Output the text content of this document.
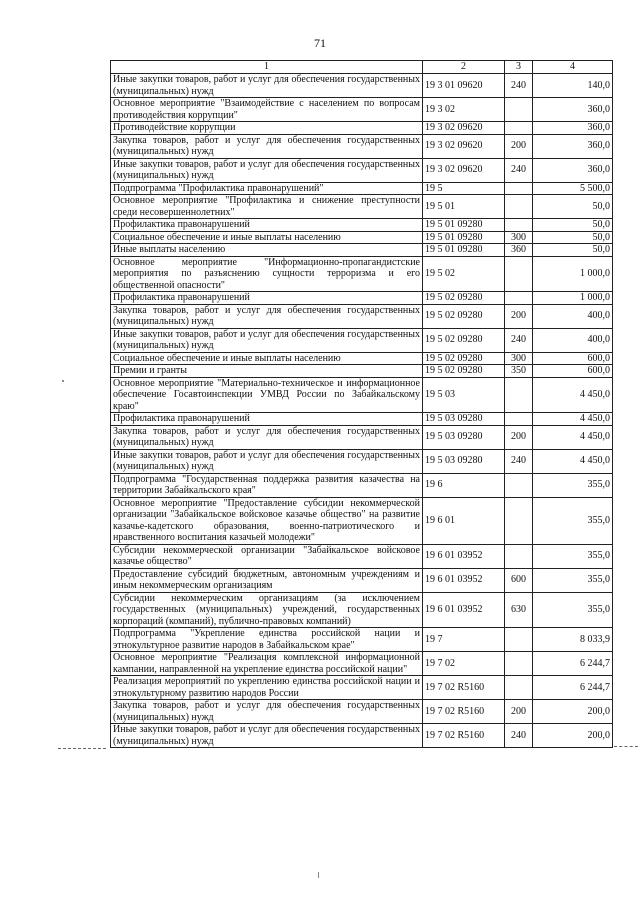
71
1	2	3	4
Иные закупки товаров, работ и услуг для обеспечения государственных (муниципальных) нужд	19 3 01 09620	240	140,0
Основное мероприятие "Взаимодействие с населением по вопросам противодействия коррупции"	19 3 02		360,0
Противодействие коррупции	19 3 02 09620		360,0
Закупка товаров, работ и услуг для обеспечения государственных (муниципальных) нужд	19 3 02 09620	200	360,0
Иные закупки товаров, работ и услуг для обеспечения государственных (муниципальных) нужд	19 3 02 09620	240	360,0
Подпрограмма "Профилактика правонарушений"	19 5		5 500,0
Основное мероприятие "Профилактика и снижение преступности среди несовершеннолетних"	19 5 01		50,0
Профилактика правонарушений	19 5 01 09280		50,0
Социальное обеспечение и иные выплаты населению	19 5 01 09280	300	50,0
Иные выплаты населению	19 5 01 09280	360	50,0
Основное мероприятие "Информационно-пропагандистские мероприятия по разъяснению сущности терроризма и его общественной опасности"	19 5 02		1 000,0
Профилактика правонарушений	19 5 02 09280		1 000,0
Закупка товаров, работ и услуг для обеспечения государственных (муниципальных) нужд	19 5 02 09280	200	400,0
Иные закупки товаров, работ и услуг для обеспечения государственных (муниципальных) нужд	19 5 02 09280	240	400,0
Социальное обеспечение и иные выплаты населению	19 5 02 09280	300	600,0
Премии и гранты	19 5 02 09280	350	600,0
Основное мероприятие "Материально-техническое и информационное обеспечение Госавтоинспекции УМВД России по Забайкальскому краю"	19 5 03		4 450,0
Профилактика правонарушений	19 5 03 09280		4 450,0
Закупка товаров, работ и услуг для обеспечения государственных (муниципальных) нужд	19 5 03 09280	200	4 450,0
Иные закупки товаров, работ и услуг для обеспечения государственных (муниципальных) нужд	19 5 03 09280	240	4 450,0
Подпрограмма "Государственная поддержка развития казачества на территории Забайкальского края"	19 6		355,0
Основное мероприятие "Предоставление субсидии некоммерческой организации "Забайкальское войсковое казачье общество" на развитие казачье-кадетского образования, военно-патриотического и нравственного воспитания казачьей молодежи"	19 6 01		355,0
Субсидии некоммерческой организации "Забайкальское войсковое казачье общество"	19 6 01 03952		355,0
Предоставление субсидий бюджетным, автономным учреждениям и иным некоммерческим организациям	19 6 01 03952	600	355,0
Субсидии некоммерческим организациям (за исключением государственных (муниципальных) учреждений, государственных корпораций (компаний), публично-правовых компаний)	19 6 01 03952	630	355,0
Подпрограмма "Укрепление единства российской нации и этнокультурное развитие народов в Забайкальском крае"	19 7		8 033,9
Основное мероприятие "Реализация комплексной информационной кампании, направленной на укрепление единства российской нации"	19 7 02		6 244,7
Реализация мероприятий по укреплению единства российской нации и этнокультурному развитию народов России	19 7 02 R5160		6 244,7
Закупка товаров, работ и услуг для обеспечения государственных (муниципальных) нужд	19 7 02 R5160	200	200,0
Иные закупки товаров, работ и услуг для обеспечения государственных (муниципальных) нужд	19 7 02 R5160	240	200,0
